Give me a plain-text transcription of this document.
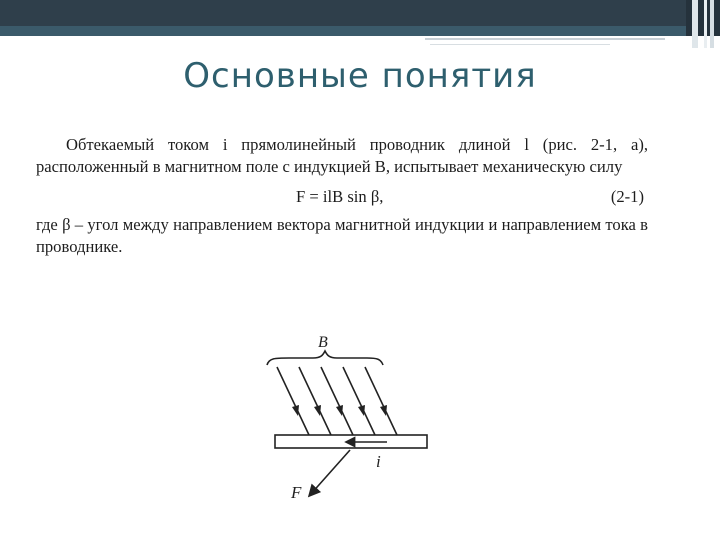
Основные понятия

Обтекаемый током i прямолинейный проводник длиной l (рис. 2-1, а), расположенный в магнитном поле с индукцией B, испытывает механическую силу

F = ilB sin β,	(2-1)

где β – угол между направлением вектора магнитной индукции и направлением тока в проводнике.

B
i
F
